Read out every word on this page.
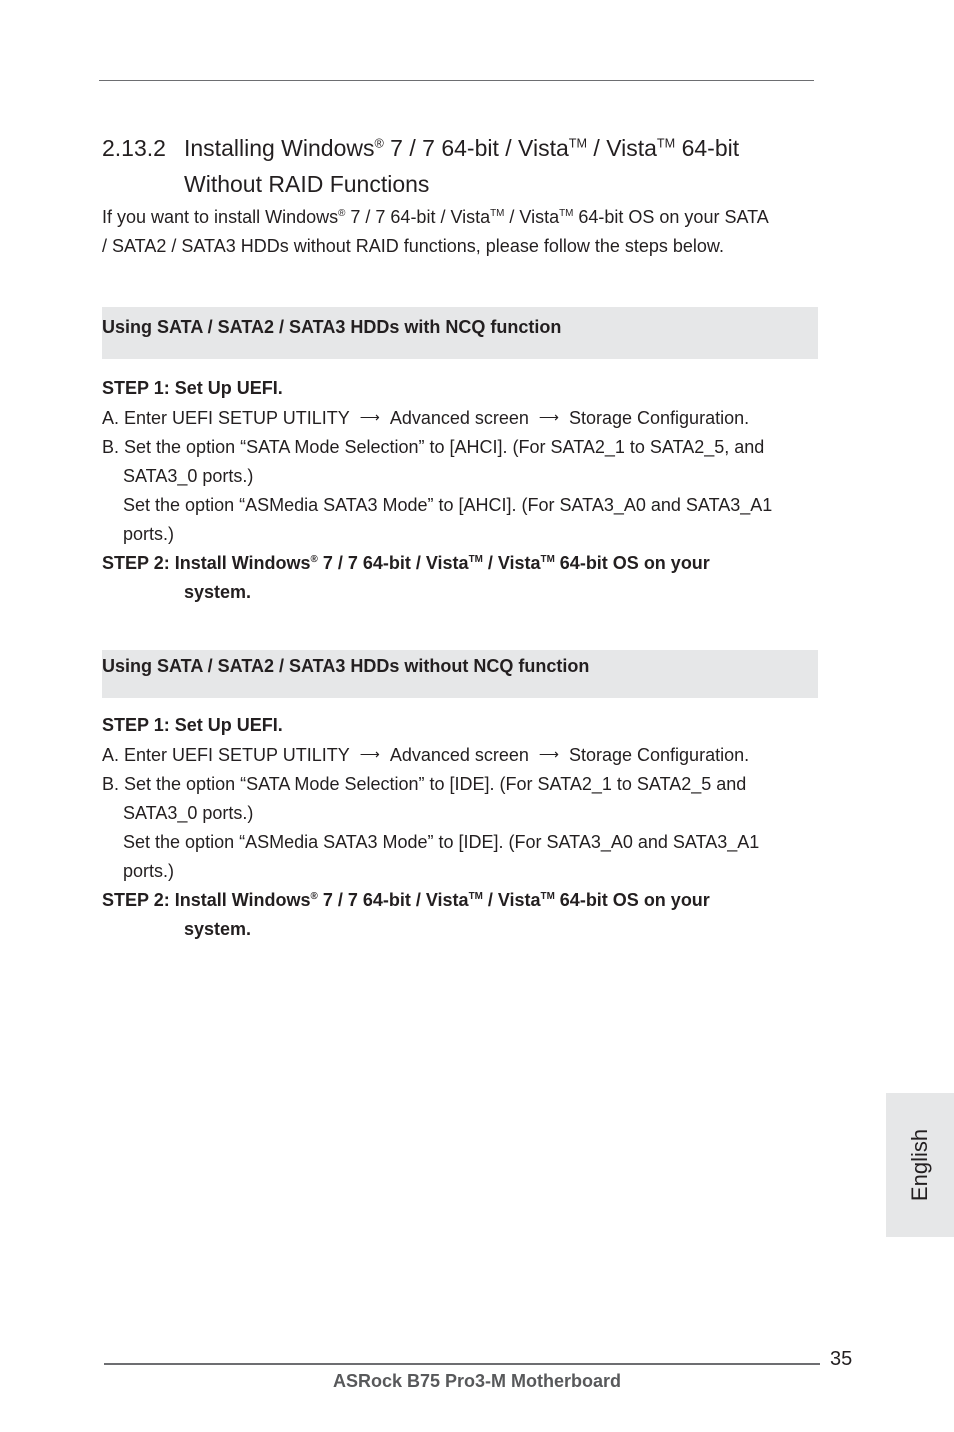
2.13.2 Installing Windows® 7 / 7 64-bit / Vista™ / Vista™ 64-bit
Without RAID Functions
If you want to install Windows® 7 / 7 64-bit / Vista™ / Vista™ 64-bit OS on your SATA
/ SATA2 / SATA3 HDDs without RAID functions, please follow the steps below.
Using SATA / SATA2 / SATA3 HDDs with NCQ function
STEP 1: Set Up UEFI.
A. Enter UEFI SETUP UTILITY ⟶ Advanced screen ⟶ Storage Configuration.
B. Set the option “SATA Mode Selection” to [AHCI]. (For SATA2_1 to SATA2_5, and
SATA3_0 ports.)
Set the option “ASMedia SATA3 Mode” to [AHCI]. (For SATA3_A0 and SATA3_A1
ports.)
STEP 2: Install Windows® 7 / 7 64-bit / Vista™ / Vista™ 64-bit OS on your
system.
Using SATA / SATA2 / SATA3 HDDs without NCQ function
STEP 1: Set Up UEFI.
A. Enter UEFI SETUP UTILITY ⟶ Advanced screen ⟶ Storage Configuration.
B. Set the option “SATA Mode Selection” to [IDE]. (For SATA2_1 to SATA2_5 and
SATA3_0 ports.)
Set the option “ASMedia SATA3 Mode” to [IDE]. (For SATA3_A0 and SATA3_A1
ports.)
STEP 2: Install Windows® 7 / 7 64-bit / Vista™ / Vista™ 64-bit OS on your
system.
English
35
ASRock B75 Pro3-M Motherboard
